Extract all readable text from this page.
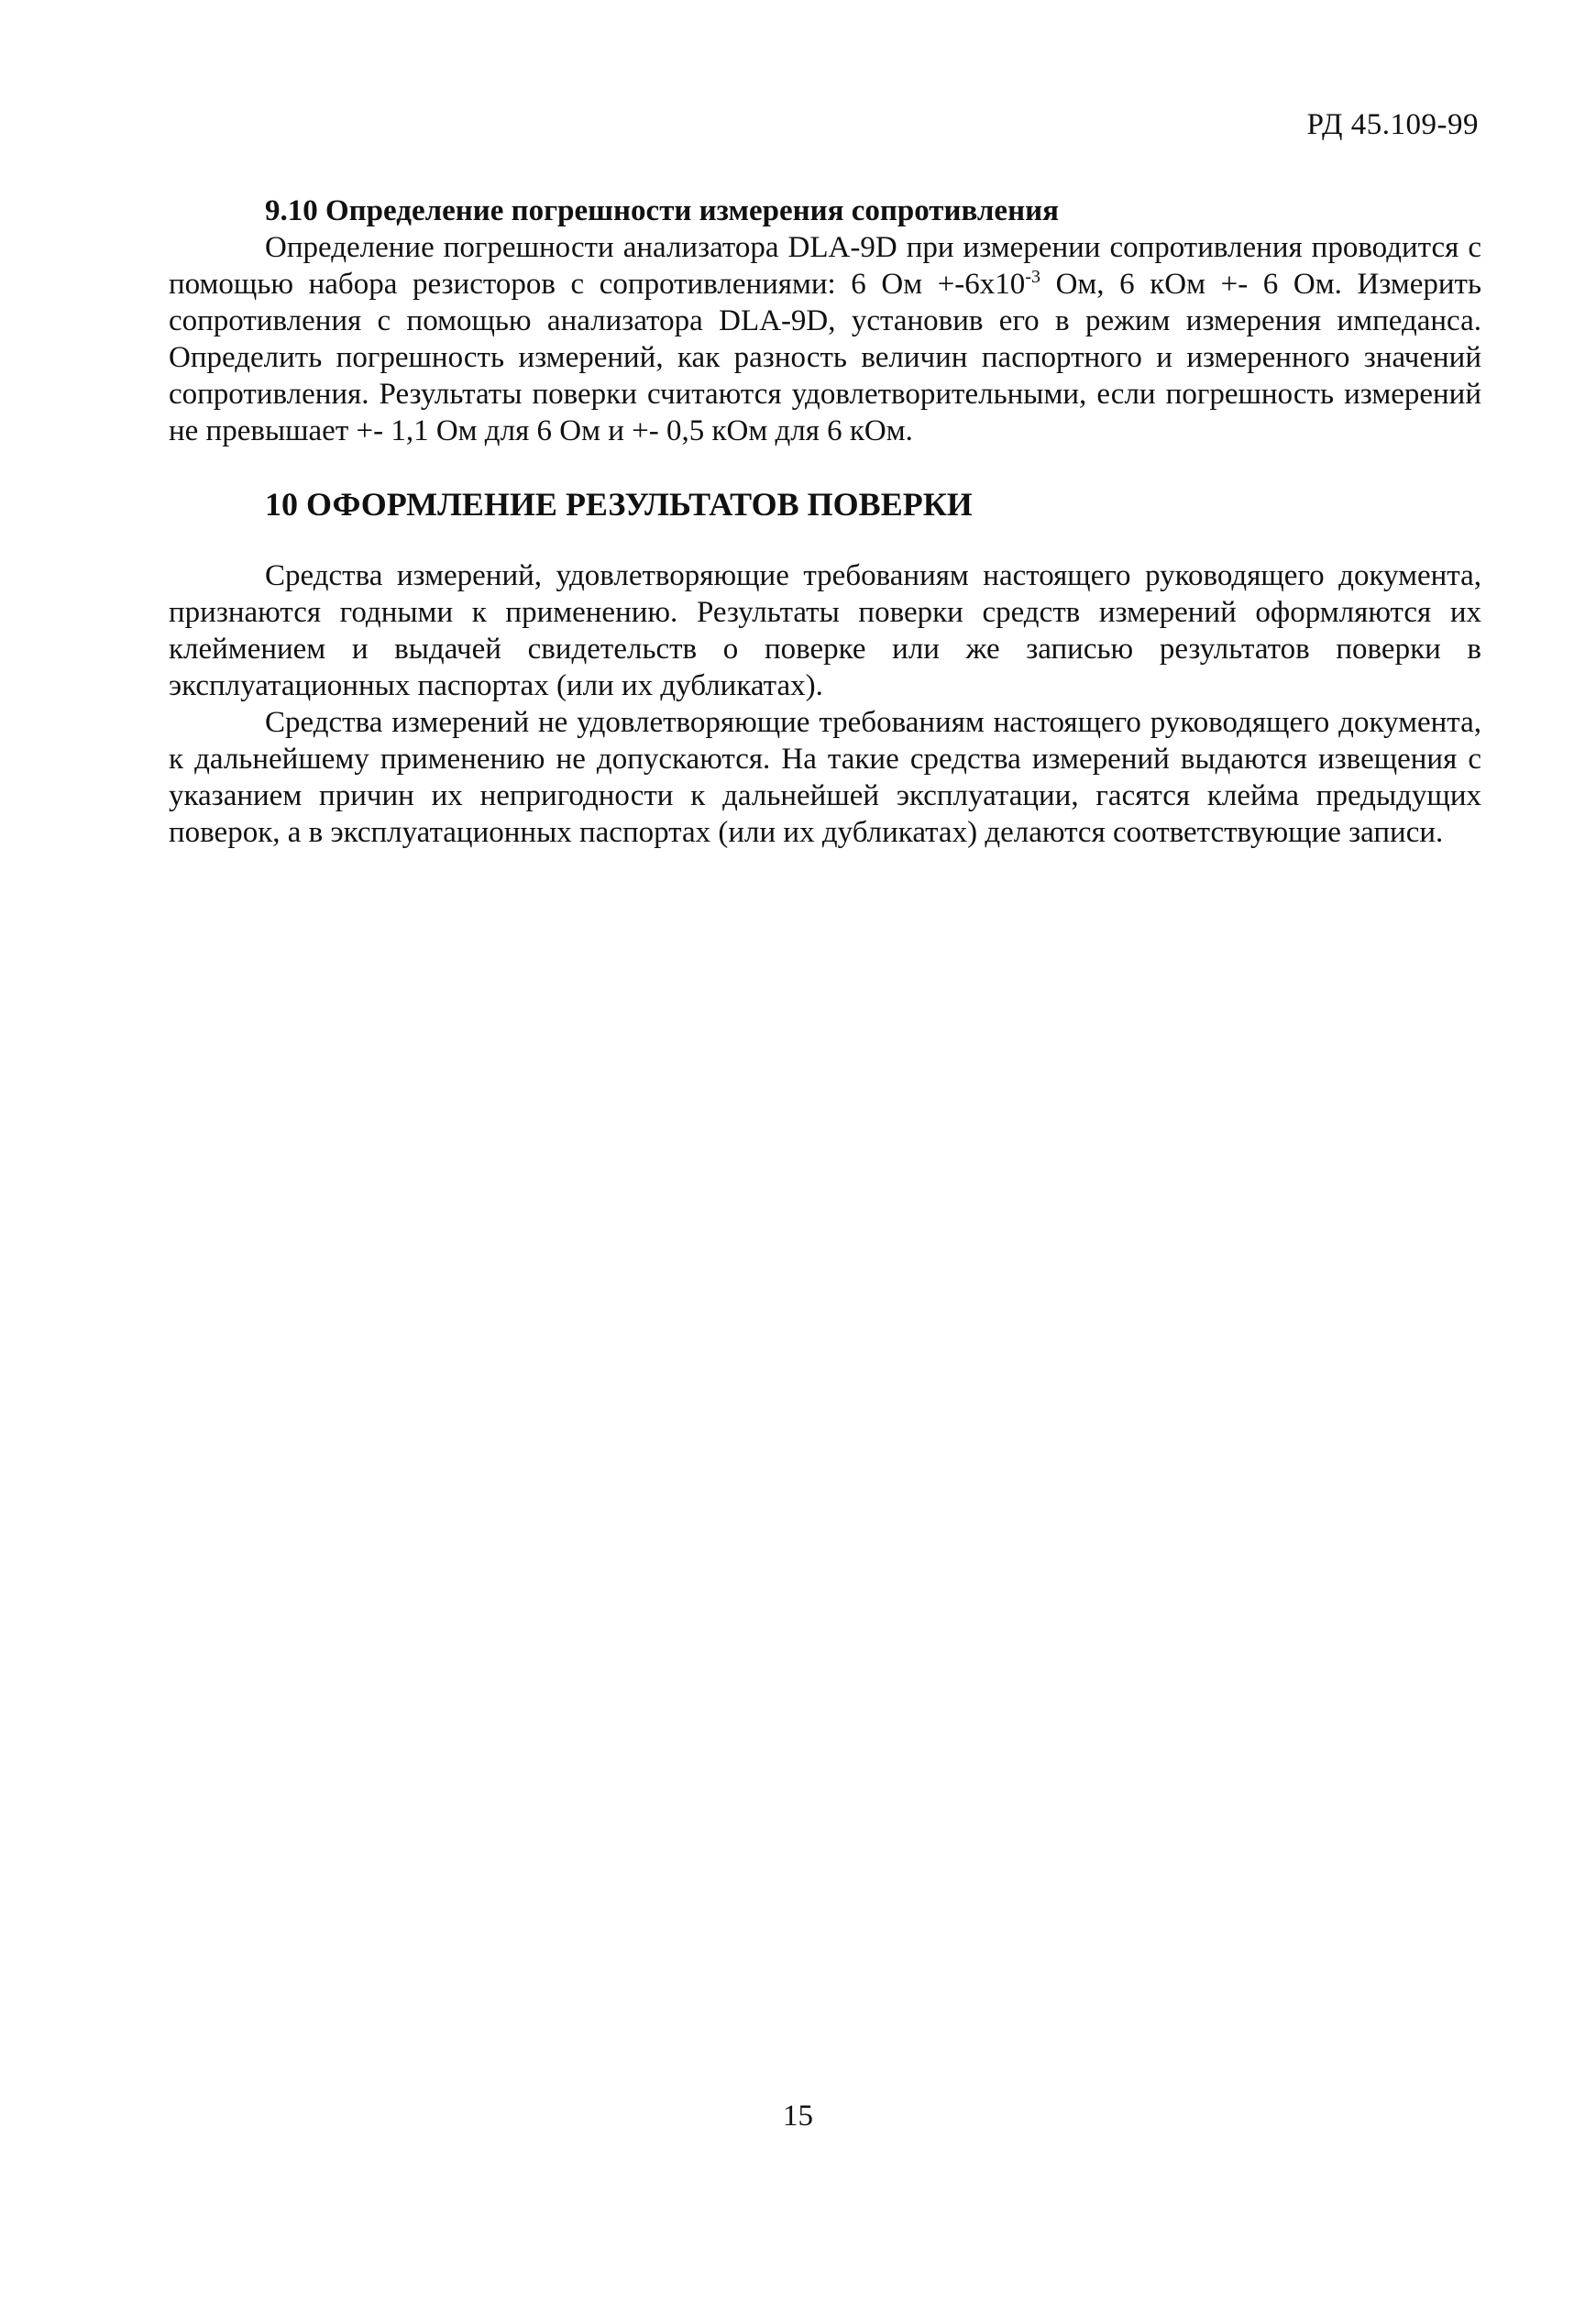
РД 45.109-99

9.10 Определение погрешности измерения сопротивления

Определение погрешности анализатора DLA-9D при измерении сопротивления проводится с помощью набора резисторов с сопротивлениями: 6 Ом $+-6x10^{-3}$ Ом, 6 кОм +- 6 Ом. Измерить сопротивления с помощью анализатора DLA-9D, установив его в режим измерения импеданса. Определить погрешность измерений, как разность величин паспортного и измеренного значений сопротивления. Результаты поверки считаются удовлетворительными, если погрешность измерений не превышает +- 1,1 Ом для 6 Ом и +- 0,5 кОм для 6 кОм.

10 ОФОРМЛЕНИЕ РЕЗУЛЬТАТОВ ПОВЕРКИ

Средства измерений, удовлетворяющие требованиям настоящего руководящего документа, признаются годными к применению. Результаты поверки средств измерений оформляются их клеймением и выдачей свидетельств о поверке или же записью результатов поверки в эксплуатационных паспортах (или их дубликатах).

Средства измерений не удовлетворяющие требованиям настоящего руководящего документа, к дальнейшему применению не допускаются. На такие средства измерений выдаются извещения с указанием причин их непригодности к дальнейшей эксплуатации, гасятся клейма предыдущих поверок, а в эксплуатационных паспортах (или их дубликатах) делаются соответствующие записи.

15
